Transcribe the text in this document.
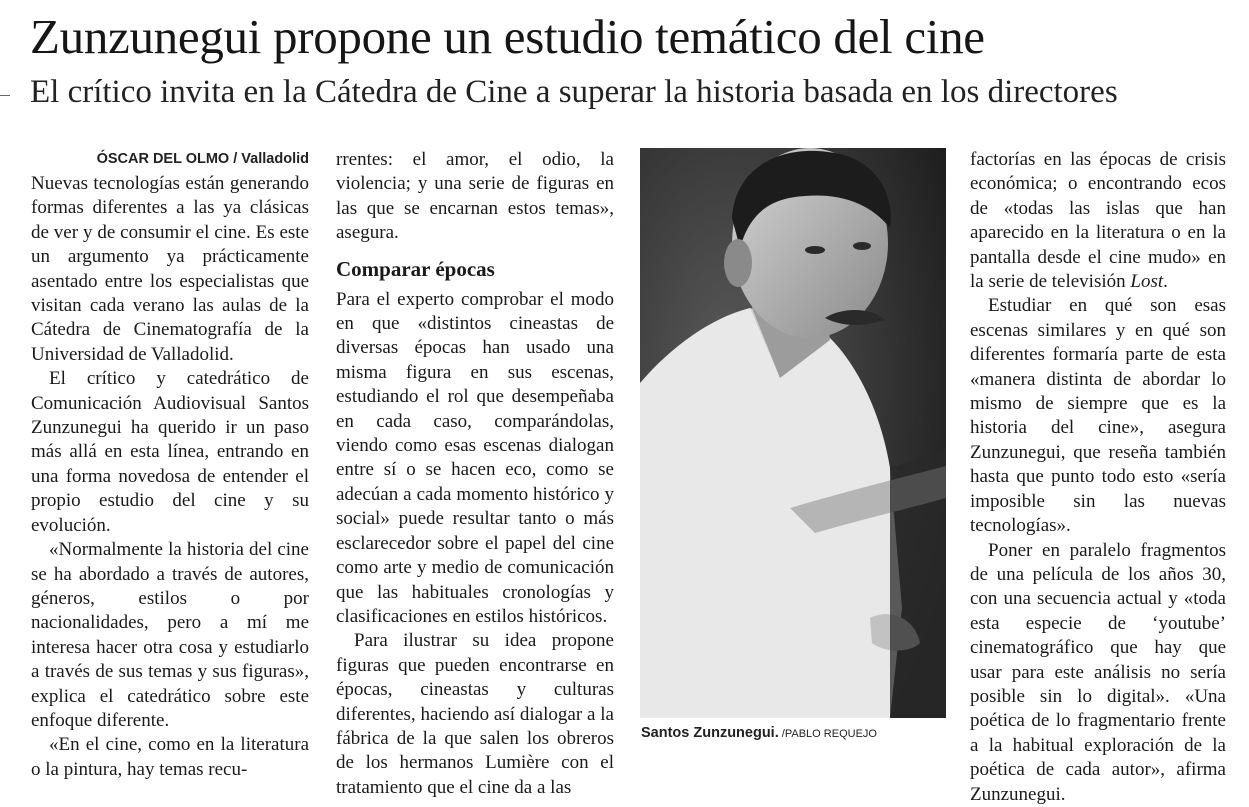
Zunzunegui propone un estudio temático del cine
El crítico invita en la Cátedra de Cine a superar la historia basada en los directores
ÓSCAR DEL OLMO / Valladolid

Nuevas tecnologías están generando formas diferentes a las ya clásicas de ver y de consumir el cine. Es este un argumento ya prácticamente asentado entre los especialistas que visitan cada verano las aulas de la Cátedra de Cinematografía de la Universidad de Valladolid.

El crítico y catedrático de Comunicación Audiovisual Santos Zunzunegui ha querido ir un paso más allá en esta línea, entrando en una forma novedosa de entender el propio estudio del cine y su evolución.

«Normalmente la historia del cine se ha abordado a través de autores, géneros, estilos o por nacionalidades, pero a mí me interesa hacer otra cosa y estudiarlo a través de sus temas y sus figuras», explica el catedrático sobre este enfoque diferente.

«En el cine, como en la literatura o la pintura, hay temas recu-

rrentes: el amor, el odio, la violencia; y una serie de figuras en las que se encarnan estos temas», asegura.

Comparar épocas

Para el experto comprobar el modo en que «distintos cineastas de diversas épocas han usado una misma figura en sus escenas, estudiando el rol que desempeñaba en cada caso, comparándolas, viendo como esas escenas dialogan entre sí o se hacen eco, como se adecúan a cada momento histórico y social» puede resultar tanto o más esclarecedor sobre el papel del cine como arte y medio de comunicación que las habituales cronologías y clasificaciones en estilos históricos.

Para ilustrar su idea propone figuras que pueden encontrarse en épocas, cineastas y culturas diferentes, haciendo así dialogar a la fábrica de la que salen los obreros de los hermanos Lumière con el tratamiento que el cine da a las

Santos Zunzunegui. /PABLO REQUEJO

factorías en las épocas de crisis económica; o encontrando ecos de «todas las islas que han aparecido en la literatura o en la pantalla desde el cine mudo» en la serie de televisión Lost.

Estudiar en qué son esas escenas similares y en qué son diferentes formaría parte de esta «manera distinta de abordar lo mismo de siempre que es la historia del cine», asegura Zunzunegui, que reseña también hasta que punto todo esto «sería imposible sin las nuevas tecnologías».

Poner en paralelo fragmentos de una película de los años 30, con una secuencia actual y «toda esta especie de ‘youtube’ cinematográfico que hay que usar para este análisis no sería posible sin lo digital». «Una poética de lo fragmentario frente a la habitual exploración de la poética de cada autor», afirma Zunzunegui.
